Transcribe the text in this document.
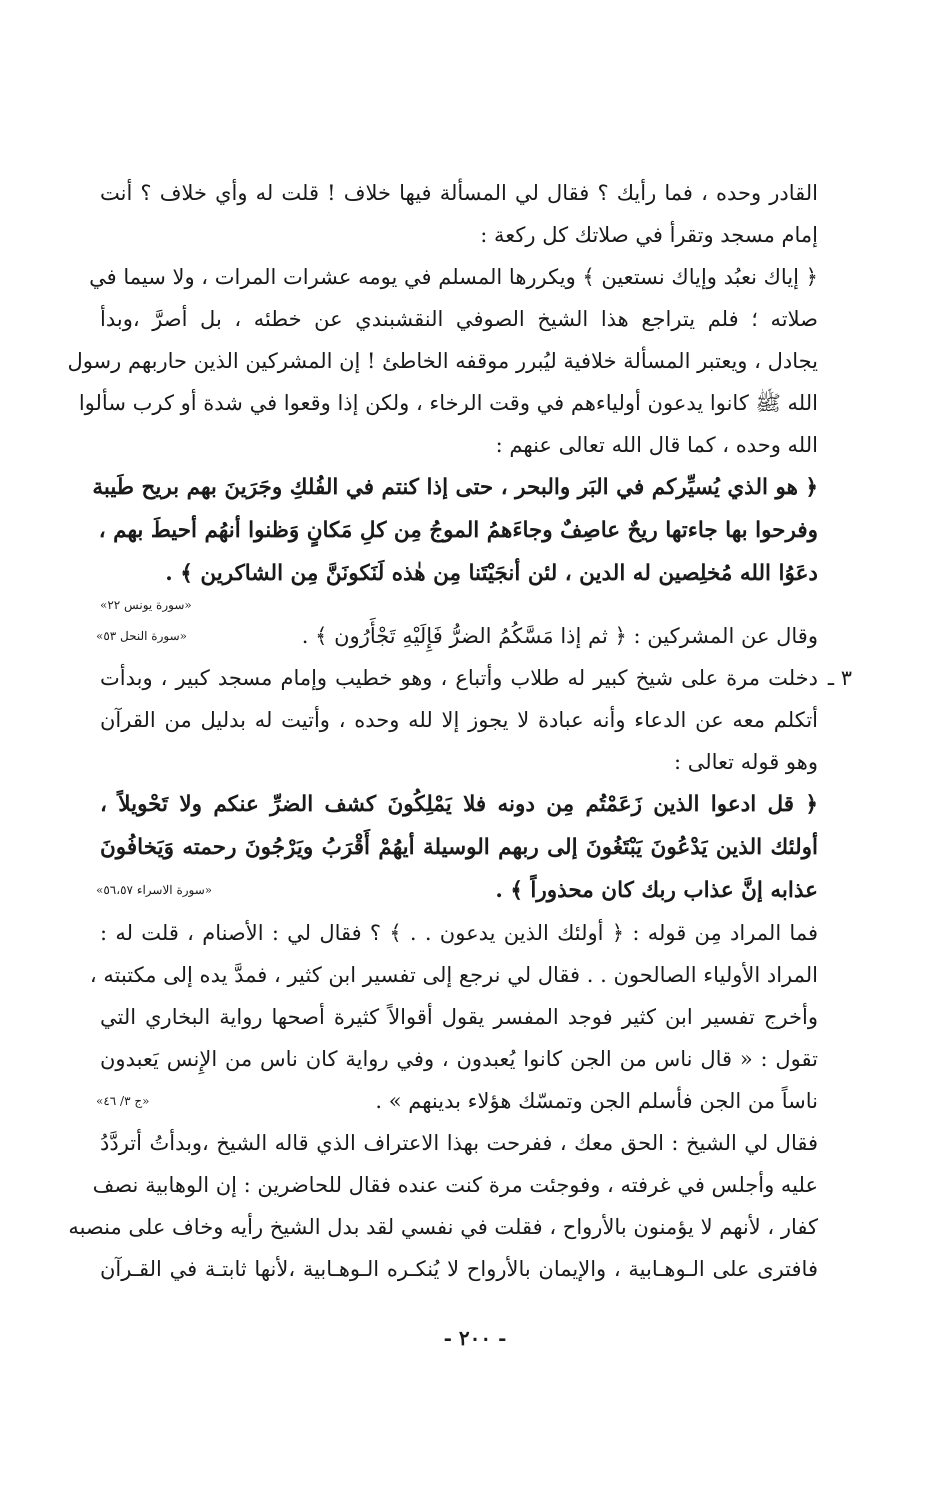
القادر وحده ، فما رأيك ؟ فقال لي المسألة فيها خلاف ! قلت له وأي خلاف ؟ أنت
إمام مسجد وتقرأ في صلاتك كل ركعة :
﴿ إياك نعبُد وإياك نستعين ﴾ ويكررها المسلم في يومه عشرات المرات ، ولا سيما في
صلاته ؛ فلم يتراجع هذا الشيخ الصوفي النقشبندي عن خطئه ، بل أصرَّ ،وبدأ
يجادل ، ويعتبر المسألة خلافية ليُبرر موقفه الخاطئ ! إن المشركين الذين حاربهم رسول
الله ﷺ كانوا يدعون أولياءهم في وقت الرخاء ، ولكن إذا وقعوا في شدة أو كرب سألوا
الله وحده ، كما قال الله تعالى عنهم :
﴿ هو الذي يُسيِّركم في البَر والبحر ، حتى إذا كنتم في الفُلكِ وجَرَينَ بهم بريح طَيبة
وفرحوا بها جاءتها ريحٌ عاصِفٌ وجاءَهمُ الموجُ مِن كلِ مَكانٍ وَظنوا أنهُم أحيطَ بهم ،
دعَوُا الله مُخلِصين له الدين ، لئن أنجَيْتَنا مِن هٰذه لَنَكونَنَّ مِن الشاكرين ﴾ .
«سورة يونس ٢٢»
وقال عن المشركين : ﴿ ثم إذا مَسَّكُمُ الضرُّ فَإِلَيْهِ تَجْأَرُون ﴾ .
«سورة النحل ٥٣»
٣ ـ
دخلت مرة على شيخ كبير له طلاب وأتباع ، وهو خطيب وإمام مسجد كبير ، وبدأت
أتكلم معه عن الدعاء وأنه عبادة لا يجوز إلا لله وحده ، وأتيت له بدليل من القرآن
وهو قوله تعالى :
﴿ قل ادعوا الذين زَعَمْتُم مِن دونه فلا يَمْلِكُونَ كشف الضرِّ عنكم ولا تَحْويلاً ،
أولئك الذين يَدْعُونَ يَبْتَغُونَ إلى ربهم الوسيلة أيهُمْ أَقْرَبُ ويَرْجُونَ رحمته وَيَخافُونَ
عذابه إنَّ عذاب ربك كان محذوراً ﴾ .
«سورة الاسراء ٥٦،٥٧»
فما المراد مِن قوله : ﴿ أولئك الذين يدعون . . ﴾ ؟ فقال لي : الأصنام ، قلت له :
المراد الأولياء الصالحون . . فقال لي نرجع إلى تفسير ابن كثير ، فمدَّ يده إلى مكتبته ،
وأخرج تفسير ابن كثير فوجد المفسر يقول أقوالاً كثيرة أصحها رواية البخاري التي
تقول : « قال ناس من الجن كانوا يُعبدون ، وفي رواية كان ناس من الإِنس يَعبدون
ناساً من الجن فأسلم الجن وتمسّك هؤلاء بدينهم » .
«ج ٣/ ٤٦»
فقال لي الشيخ : الحق معك ، ففرحت بهذا الاعتراف الذي قاله الشيخ ،وبدأتُ أتردَّدُ
عليه وأجلس في غرفته ، وفوجئت مرة كنت عنده فقال للحاضرين : إن الوهابية نصف
كفار ، لأنهم لا يؤمنون بالأرواح ، فقلت في نفسي لقد بدل الشيخ رأيه وخاف على منصبه
فافترى على الـوهـابية ، والإيمان بالأرواح لا يُنكـره الـوهـابية ،لأنها ثابتـة في القـرآن
- ٢٠٠ -
